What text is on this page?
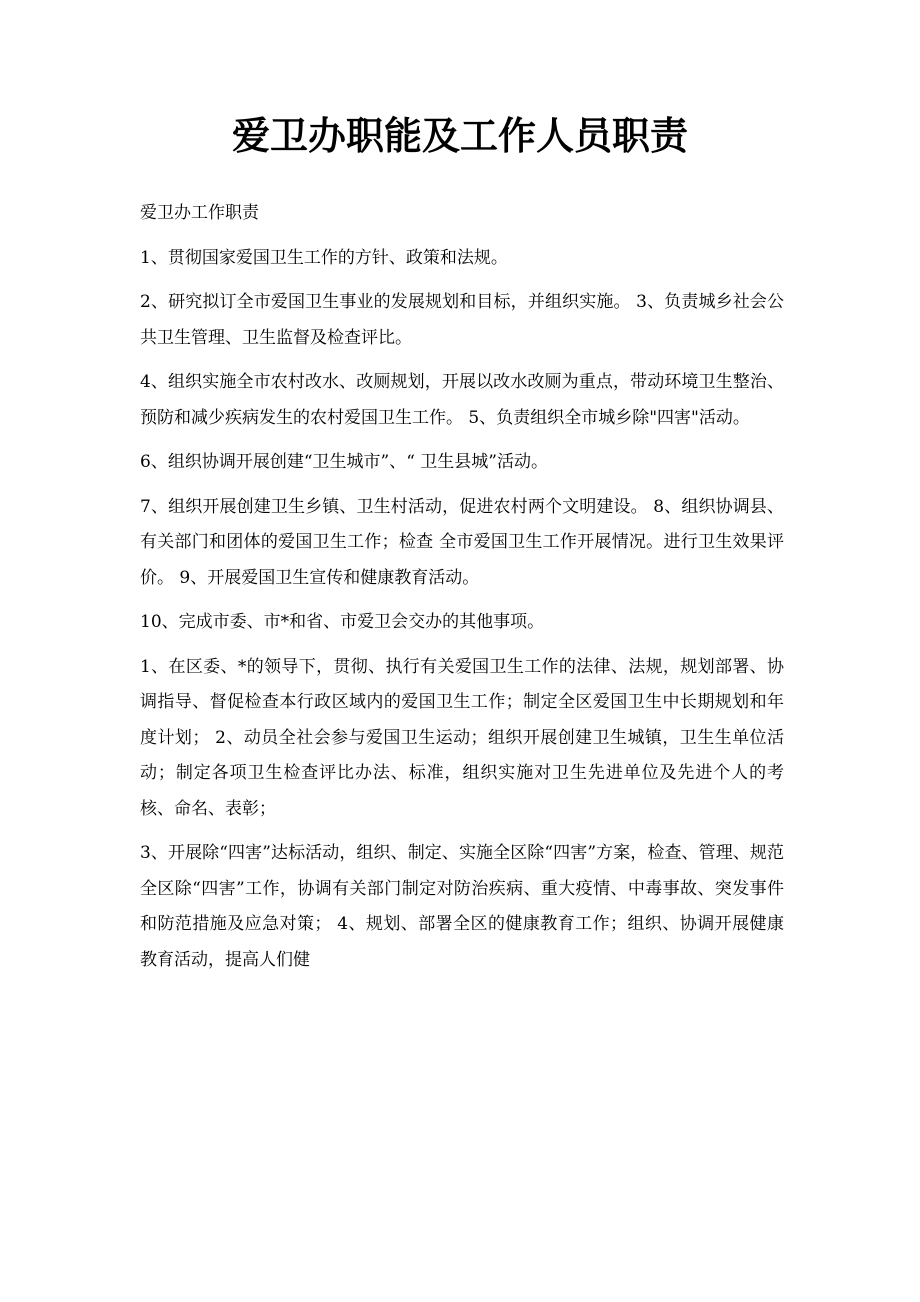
爱卫办职能及工作人员职责

爱卫办工作职责

1、贯彻国家爱国卫生工作的方针、政策和法规。

2、研究拟订全市爱国卫生事业的发展规划和目标，并组织实施。 3、负责城乡社会公共卫生管理、卫生监督及检查评比。

4、组织实施全市农村改水、改厕规划，开展以改水改厕为重点，带动环境卫生整治、预防和减少疾病发生的农村爱国卫生工作。 5、负责组织全市城乡除"四害"活动。

6、组织协调开展创建“卫生城市”、“ 卫生县城”活动。

7、组织开展创建卫生乡镇、卫生村活动，促进农村两个文明建设。 8、组织协调县、有关部门和团体的爱国卫生工作；检查 全市爱国卫生工作开展情况。进行卫生效果评价。 9、开展爱国卫生宣传和健康教育活动。

10、完成市委、市*和省、市爱卫会交办的其他事项。

1、在区委、*的领导下，贯彻、执行有关爱国卫生工作的法律、法规，规划部署、协调指导、督促检查本行政区域内的爱国卫生工作；制定全区爱国卫生中长期规划和年度计划； 2、动员全社会参与爱国卫生运动；组织开展创建卫生城镇，卫生生单位活动；制定各项卫生检查评比办法、标准，组织实施对卫生先进单位及先进个人的考核、命名、表彰；

3、开展除“四害”达标活动，组织、制定、实施全区除“四害”方案，检查、管理、规范全区除“四害”工作，协调有关部门制定对防治疾病、重大疫情、中毒事故、突发事件和防范措施及应急对策； 4、规划、部署全区的健康教育工作；组织、协调开展健康教育活动，提高人们健
